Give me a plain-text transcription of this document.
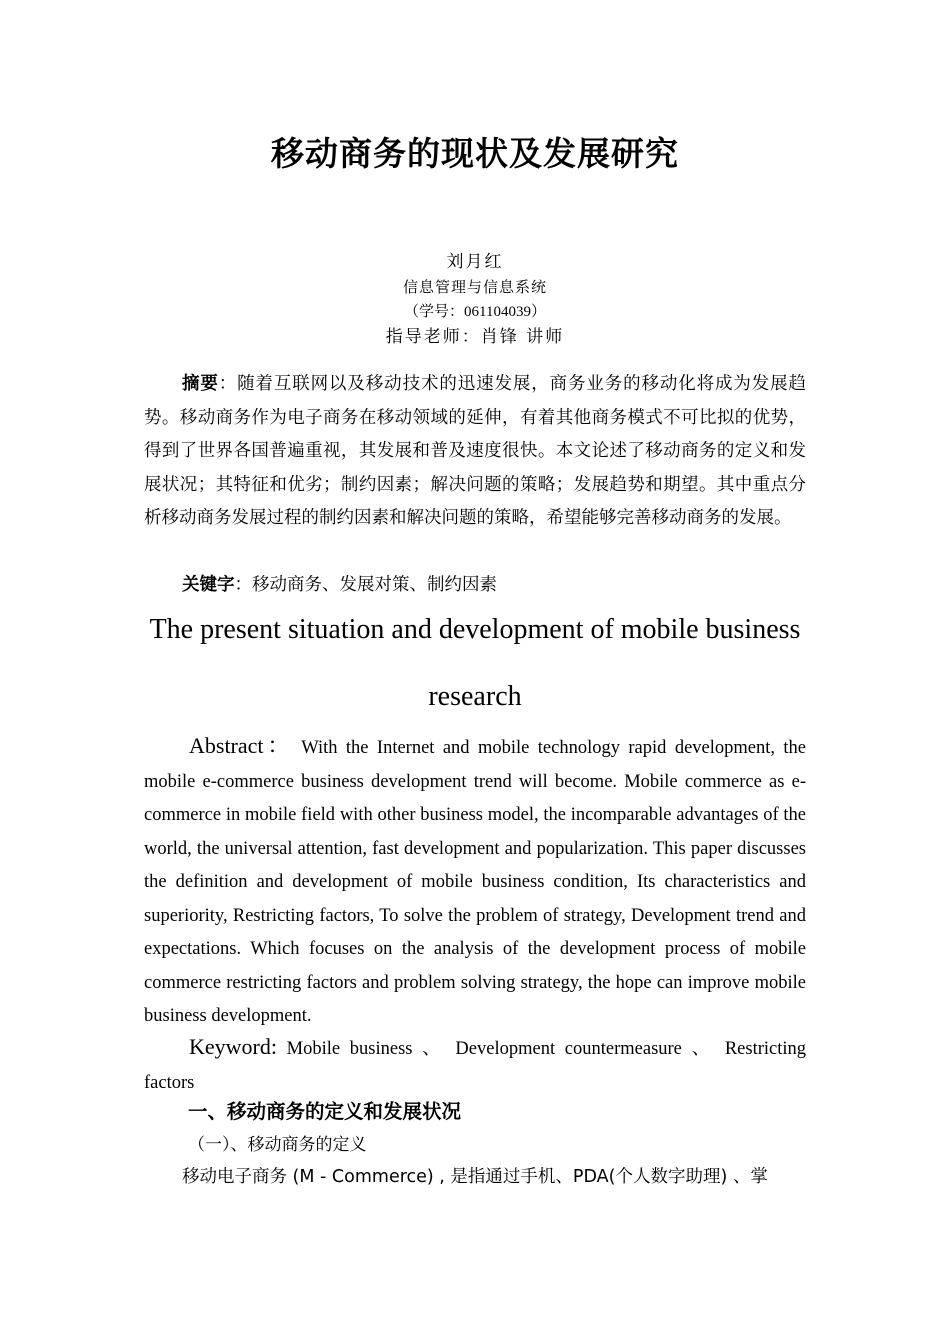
移动商务的现状及发展研究
刘月红
信息管理与信息系统
（学号：061104039）
指导老师：肖锋 讲师
摘要：随着互联网以及移动技术的迅速发展，商务业务的移动化将成为发展趋势。移动商务作为电子商务在移动领域的延伸，有着其他商务模式不可比拟的优势，得到了世界各国普遍重视，其发展和普及速度很快。本文论述了移动商务的定义和发展状况；其特征和优劣；制约因素；解决问题的策略；发展趋势和期望。其中重点分析移动商务发展过程的制约因素和解决问题的策略，希望能够完善移动商务的发展。
关键字：移动商务、发展对策、制约因素
The present situation and development of mobile business research
Abstract： With the Internet and mobile technology rapid development, the mobile e-commerce business development trend will become. Mobile commerce as e-commerce in mobile field with other business model, the incomparable advantages of the world, the universal attention, fast development and popularization. This paper discusses the definition and development of mobile business condition, Its characteristics and superiority, Restricting factors, To solve the problem of strategy, Development trend and expectations. Which focuses on the analysis of the development process of mobile commerce restricting factors and problem solving strategy, the hope can improve mobile business development.
Keyword: Mobile business 、 Development countermeasure 、 Restricting factors
一、移动商务的定义和发展状况
（一）、移动商务的定义
移动电子商务 (M - Commerce) , 是指通过手机、PDA(个人数字助理) 、掌
